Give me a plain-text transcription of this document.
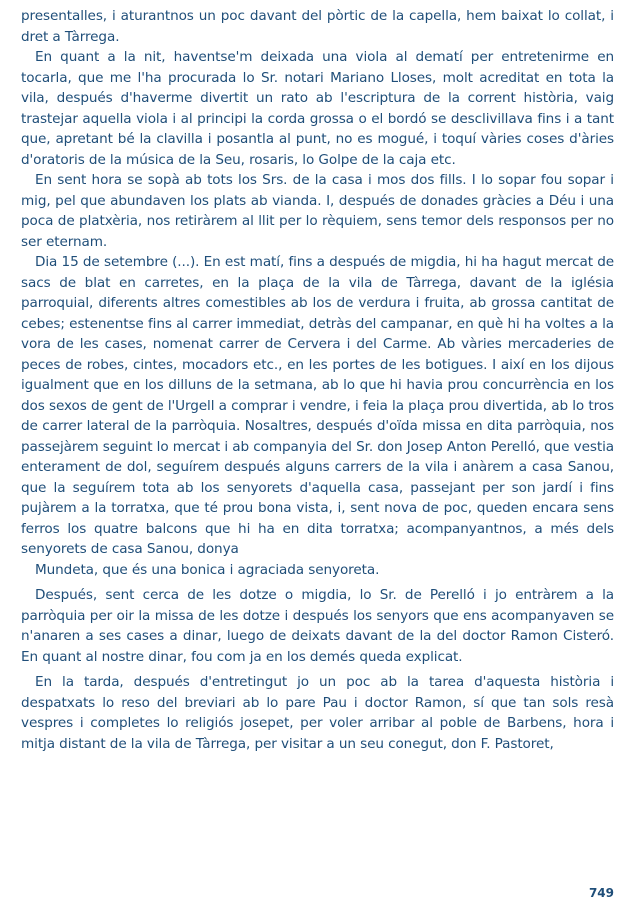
presentalles, i aturantnos un poc davant del pòrtic de la capella, hem baixat lo collat, i dret a Tàrrega.

En quant a la nit, haventse'm deixada una viola al dematí per entretenirme en tocarla, que me l'ha procurada lo Sr. notari Mariano Lloses, molt acreditat en tota la vila, después d'haverme divertit un rato ab l'escriptura de la corrent història, vaig trastejar aquella viola i al principi la corda grossa o el bordó se desclivillava fins i a tant que, apretant bé la clavilla i posantla al punt, no es mogué, i toquí vàries coses d'àries d'oratoris de la música de la Seu, rosaris, lo Golpe de la caja etc.

En sent hora se sopà ab tots los Srs. de la casa i mos dos fills. I lo sopar fou sopar i mig, pel que abundaven los plats ab vianda. I, después de donades gràcies a Déu i una poca de platxèria, nos retiràrem al llit per lo rèquiem, sens temor dels responsos per no ser eternam.

Dia 15 de setembre (...). En est matí, fins a después de migdia, hi ha hagut mercat de sacs de blat en carretes, en la plaça de la vila de Tàrrega, davant de la iglésia parroquial, diferents altres comestibles ab los de verdura i fruita, ab grossa cantitat de cebes; estenentse fins al carrer immediat, detràs del campanar, en què hi ha voltes a la vora de les cases, nomenat carrer de Cervera i del Carme. Ab vàries mercaderies de peces de robes, cintes, mocadors etc., en les portes de les botigues. I així en los dijous igualment que en los dilluns de la setmana, ab lo que hi havia prou concurrència en los dos sexos de gent de l'Urgell a comprar i vendre, i feia la plaça prou divertida, ab lo tros de carrer lateral de la parròquia. Nosaltres, después d'oïda missa en dita parròquia, nos passejàrem seguint lo mercat i ab companyia del Sr. don Josep Anton Perelló, que vestia enterament de dol, seguírem después alguns carrers de la vila i anàrem a casa Sanou, que la seguírem tota ab los senyorets d'aquella casa, passejant per son jardí i fins pujàrem a la torratxa, que té prou bona vista, i, sent nova de poc, queden encara sens ferros los quatre balcons que hi ha en dita torratxa; acompanyantnos, a més dels senyorets de casa Sanou, donya

Mundeta, que és una bonica i agraciada senyoreta.

Después, sent cerca de les dotze o migdia, lo Sr. de Perelló i jo entràrem a la parròquia per oir la missa de les dotze i después los senyors que ens acompanyaven se n'anaren a ses cases a dinar, luego de deixats davant de la del doctor Ramon Cisteró. En quant al nostre dinar, fou com ja en los demés queda explicat.

En la tarda, después d'entretingut jo un poc ab la tarea d'aquesta història i despatxats lo reso del breviari ab lo pare Pau i doctor Ramon, sí que tan sols resà vespres i completes lo religiós josepet, per voler arribar al poble de Barbens, hora i mitja distant de la vila de Tàrrega, per visitar a un seu conegut, don F. Pastoret,

749
